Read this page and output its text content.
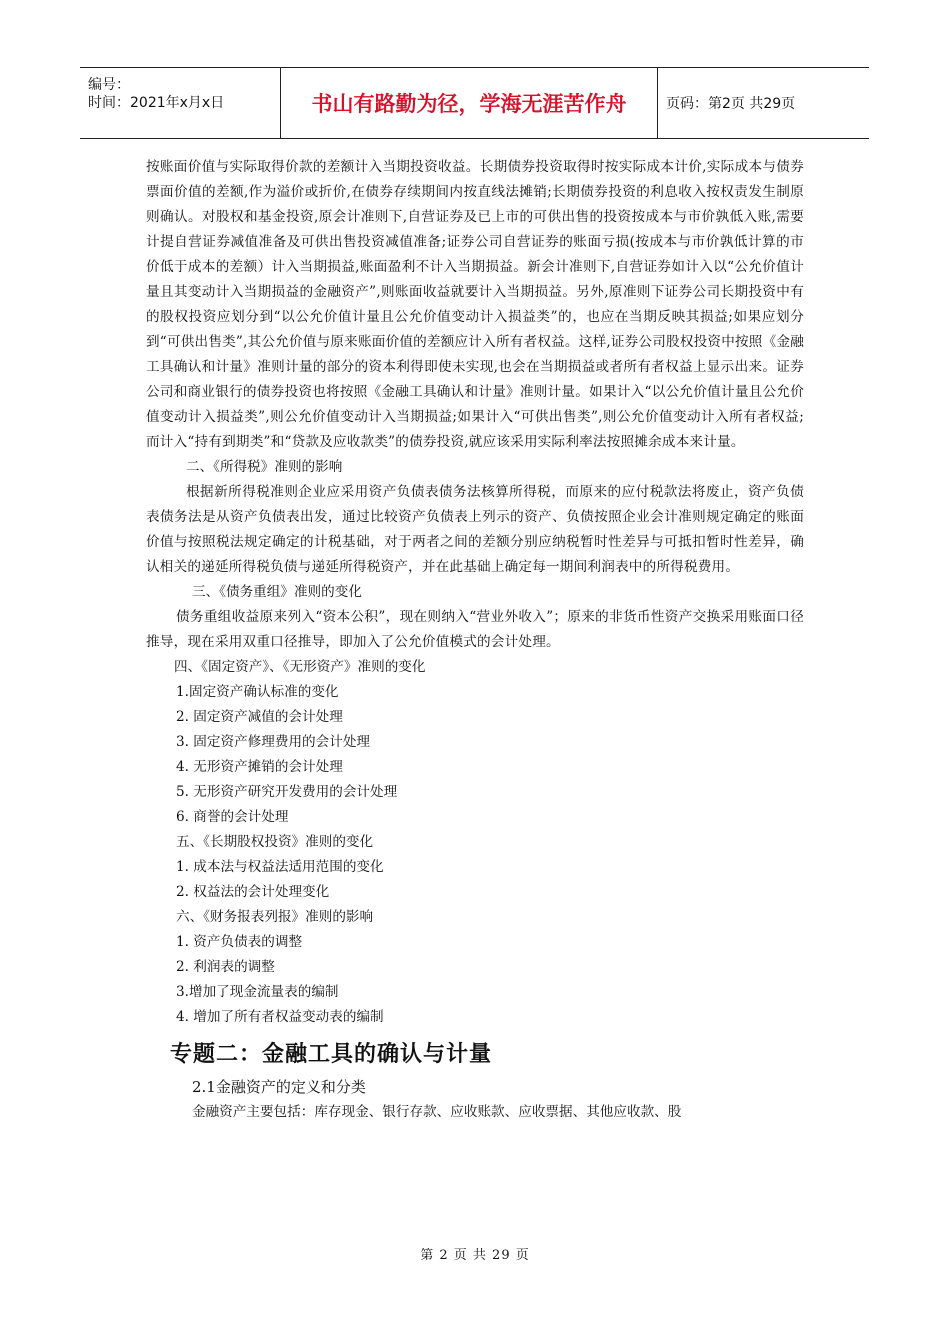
编号：
时间：2021年x月x日	书山有路勤为径，学海无涯苦作舟	页码：第2页 共29页

按账面价值与实际取得价款的差额计入当期投资收益。长期债券投资取得时按实际成本计价,实际成本与债券票面价值的差额,作为溢价或折价,在债券存续期间内按直线法摊销;长期债券投资的利息收入按权责发生制原则确认。对股权和基金投资,原会计准则下,自营证券及已上市的可供出售的投资按成本与市价孰低入账,需要计提自营证券减值准备及可供出售投资减值准备;证券公司自营证券的账面亏损(按成本与市价孰低计算的市价低于成本的差额）计入当期损益,账面盈利不计入当期损益。新会计准则下,自营证券如计入以“公允价值计量且其变动计入当期损益的金融资产”,则账面收益就要计入当期损益。另外,原准则下证券公司长期投资中有的股权投资应划分到“以公允价值计量且公允价值变动计入损益类”的，也应在当期反映其损益;如果应划分到“可供出售类”,其公允价值与原来账面价值的差额应计入所有者权益。这样,证券公司股权投资中按照《金融工具确认和计量》准则计量的部分的资本利得即使未实现,也会在当期损益或者所有者权益上显示出来。证券公司和商业银行的债券投资也将按照《金融工具确认和计量》准则计量。如果计入“以公允价值计量且公允价值变动计入损益类”,则公允价值变动计入当期损益;如果计入“可供出售类”,则公允价值变动计入所有者权益;而计入“持有到期类”和“贷款及应收款类”的债券投资,就应该采用实际利率法按照摊余成本来计量。

二、《所得税》准则的影响

根据新所得税准则企业应采用资产负债表债务法核算所得税，而原来的应付税款法将废止，资产负债表债务法是从资产负债表出发，通过比较资产负债表上列示的资产、负债按照企业会计准则规定确定的账面价值与按照税法规定确定的计税基础，对于两者之间的差额分别应纳税暂时性差异与可抵扣暂时性差异，确认相关的递延所得税负债与递延所得税资产，并在此基础上确定每一期间利润表中的所得税费用。

三、《债务重组》准则的变化

债务重组收益原来列入“资本公积”，现在则纳入“营业外收入”；原来的非货币性资产交换采用账面口径推导，现在采用双重口径推导，即加入了公允价值模式的会计处理。

四、《固定资产》、《无形资产》准则的变化

1.固定资产确认标准的变化

2. 固定资产减值的会计处理

3. 固定资产修理费用的会计处理

4. 无形资产摊销的会计处理

5. 无形资产研究开发费用的会计处理

6. 商誉的会计处理

五、《长期股权投资》准则的变化

1. 成本法与权益法适用范围的变化

2. 权益法的会计处理变化

六、《财务报表列报》准则的影响

1. 资产负债表的调整

2. 利润表的调整

3.增加了现金流量表的编制

4. 增加了所有者权益变动表的编制

专题二：金融工具的确认与计量

2.1金融资产的定义和分类

金融资产主要包括：库存现金、银行存款、应收账款、应收票据、其他应收款、股

第 2 页 共 29 页
